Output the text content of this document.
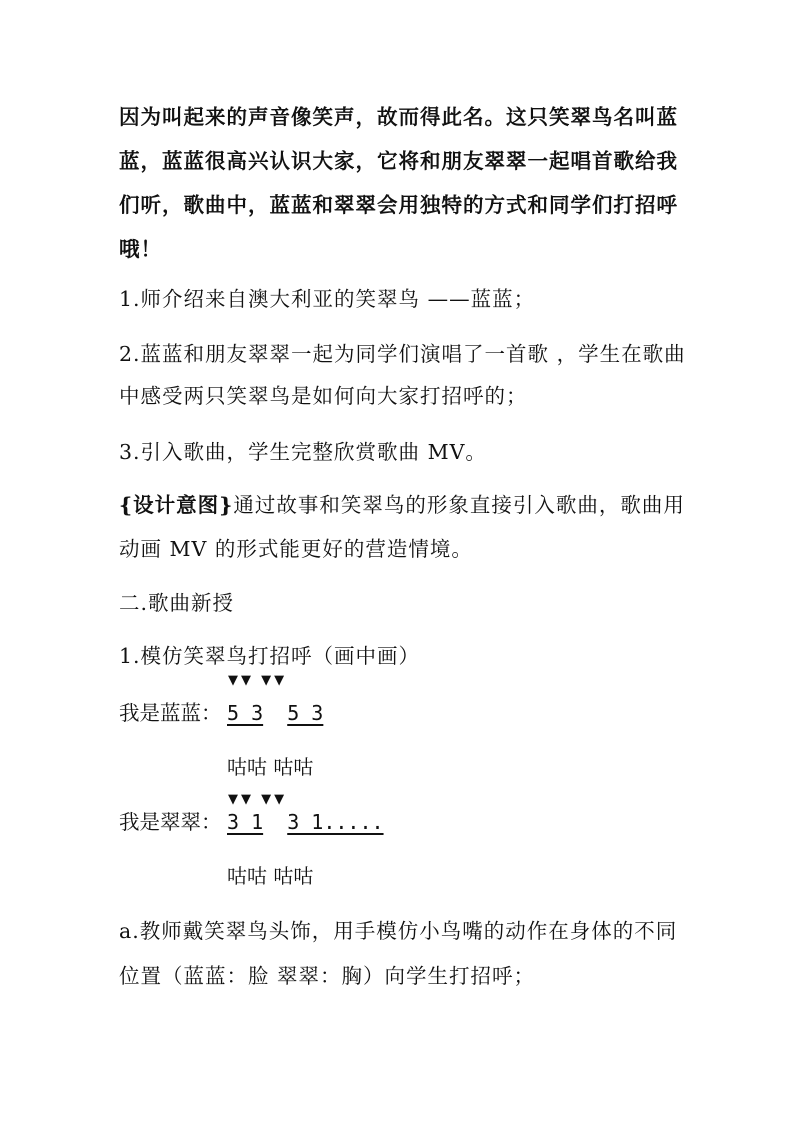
因为叫起来的声音像笑声，故而得此名。这只笑翠鸟名叫蓝
蓝，蓝蓝很高兴认识大家，它将和朋友翠翠一起唱首歌给我
们听，歌曲中，蓝蓝和翠翠会用独特的方式和同学们打招呼
哦！
1.师介绍来自澳大利亚的笑翠鸟 ——蓝蓝；
2.蓝蓝和朋友翠翠一起为同学们演唱了一首歌 ，学生在歌曲
中感受两只笑翠鸟是如何向大家打招呼的；
3.引入歌曲，学生完整欣赏歌曲 MV。
{设计意图}通过故事和笑翠鸟的形象直接引入歌曲，歌曲用
动画 MV 的形式能更好的营造情境。
二.歌曲新授
1.模仿笑翠鸟打招呼（画中画）
▼▼ ▼▼
我是蓝蓝： 5 3 5 3
咕咕 咕咕
▼▼ ▼▼
我是翠翠： 3 1 3 1.....
咕咕 咕咕
a.教师戴笑翠鸟头饰，用手模仿小鸟嘴的动作在身体的不同
位置（蓝蓝：脸 翠翠：胸）向学生打招呼；
